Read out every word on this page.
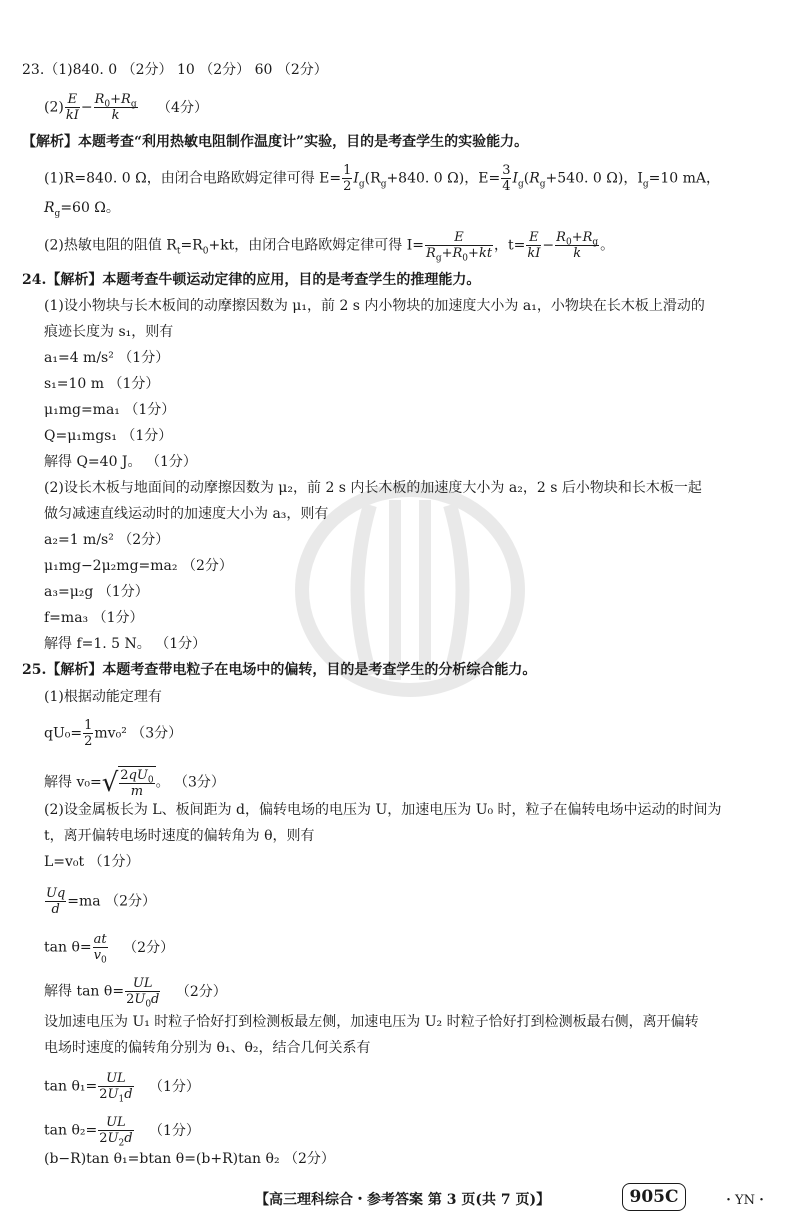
23.（1)840. 0 （2分） 10 （2分） 60 （2分）
$(2) \frac{E}{kI} - \frac{R_0+R_g}{k} (4$分）
【解析】本题考查“利用热敏电阻制作温度计”实验，目的是考查学生的实验能力。
(1)R=840. 0 Ω，由闭合电路欧姆定律可得 $E= \frac{1}{2} I_g(R_g+840$. 0 Ω)，$E= \frac{3}{4} I_g(R_g+540$. 0 Ω)，$I_g=10$ mA，
$R_g=60$ Ω。
(2)热敏电阻的阻值 $R_t=R_0+kt$，由闭合电路欧姆定律可得 $I= \frac{E}{R_g+R_0+kt}$ ，$t= \frac{E}{kI} - \frac{R_0+R_g}{k}$ 。
24.【解析】本题考查牛顿运动定律的应用，目的是考查学生的推理能力。
(1)设小物块与长木板间的动摩擦因数为 μ₁，前 2 s 内小物块的加速度大小为 a₁，小物块在长木板上滑动的
痕迹长度为 s₁，则有
a₁=4 m/s² （1分）
s₁=10 m （1分）
μ₁mg=ma₁ （1分）
Q=μ₁mgs₁ （1分）
解得 Q=40 J。 （1分）
(2)设长木板与地面间的动摩擦因数为 μ₂，前 2 s 内长木板的加速度大小为 a₂，2 s 后小物块和长木板一起
做匀减速直线运动时的加速度大小为 a₃，则有
a₂=1 m/s² （2分）
μ₁mg−2μ₂mg=ma₂ （2分）
a₃=μ₂g （1分）
f=ma₃ （1分）
解得 f=1. 5 N。 （1分）
25.【解析】本题考查带电粒子在电场中的偏转，目的是考查学生的分析综合能力。
(1)根据动能定理有
$qU_0= \frac{1}{2} mv_0^2$ （3分）
解得 $v_0=√ \frac{2qU_0}{m}$ 。 （3分）
(2)设金属板长为 L、板间距为 d，偏转电场的电压为 U，加速电压为 U₀ 时，粒子在偏转电场中运动的时间为
t，离开偏转电场时速度的偏转角为 θ，则有
L=v₀t （1分）
$\frac{Uq}{d} =ma$ （2分）
$\tan \theta= \frac{at}{v_0} (2$分）
解得 $\tan \theta= \frac{UL}{2U_0d} (2$分）
设加速电压为 U₁ 时粒子恰好打到检测板最左侧，加速电压为 U₂ 时粒子恰好打到检测板最右侧，离开偏转
电场时速度的偏转角分别为 θ₁、θ₂，结合几何关系有
$\tan \theta_1= \frac{UL}{2U_1d} (1$分）
$\tan \theta_2= \frac{UL}{2U_2d} (1$分）
(b−R)tan θ₁=btan θ=(b+R)tan θ₂ （2分）
【高三理科综合・参考答案 第 3 页(共 7 页)】	905C	・YN・
